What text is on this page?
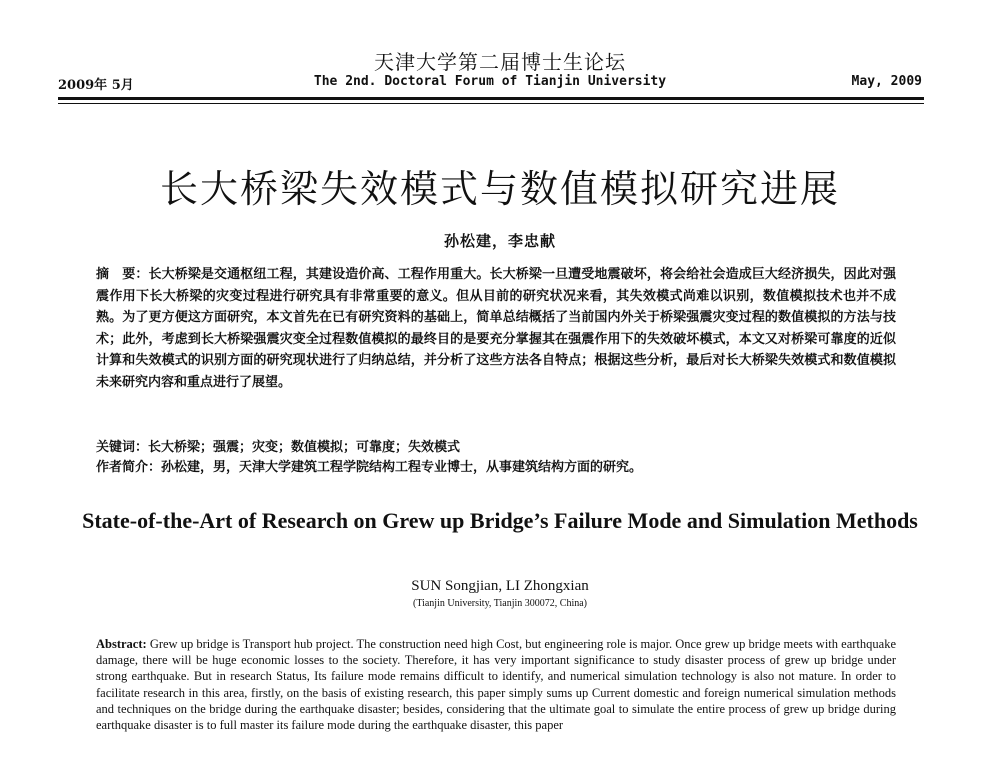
天津大学第二届博士生论坛
2009年 5月	The 2nd. Doctoral Forum of Tianjin University	May, 2009
长大桥梁失效模式与数值模拟研究进展
孙松建，李忠献
摘　要：长大桥梁是交通枢纽工程，其建设造价高、工程作用重大。长大桥梁一旦遭受地震破坏，将会给社会造成巨大经济损失，因此对强震作用下长大桥梁的灾变过程进行研究具有非常重要的意义。但从目前的研究状况来看，其失效模式尚难以识别，数值模拟技术也并不成熟。为了更方便这方面研究，本文首先在已有研究资料的基础上，简单总结概括了当前国内外关于桥梁强震灾变过程的数值模拟的方法与技术；此外，考虑到长大桥梁强震灾变全过程数值模拟的最终目的是要充分掌握其在强震作用下的失效破坏模式，本文又对桥梁可靠度的近似计算和失效模式的识别方面的研究现状进行了归纳总结，并分析了这些方法各自特点；根据这些分析，最后对长大桥梁失效模式和数值模拟未来研究内容和重点进行了展望。
关键词：长大桥梁；强震；灾变；数值模拟；可靠度；失效模式
作者简介：孙松建，男，天津大学建筑工程学院结构工程专业博士，从事建筑结构方面的研究。
State-of-the-Art of Research on Grew up Bridge’s Failure Mode and Simulation Methods
SUN Songjian, LI Zhongxian
(Tianjin University, Tianjin 300072, China)
Abstract: Grew up bridge is Transport hub project. The construction need high Cost, but engineering role is major. Once grew up bridge meets with earthquake damage, there will be huge economic losses to the society. Therefore, it has very important significance to study disaster process of grew up bridge under strong earthquake. But in research Status, Its failure mode remains difficult to identify, and numerical simulation technology is also not mature. In order to facilitate research in this area, firstly, on the basis of existing research, this paper simply sums up Current domestic and foreign numerical simulation methods and techniques on the bridge during the earthquake disaster; besides, considering that the ultimate goal to simulate the entire process of grew up bridge during earthquake disaster is to full master its failure mode during the earthquake disaster, this paper
